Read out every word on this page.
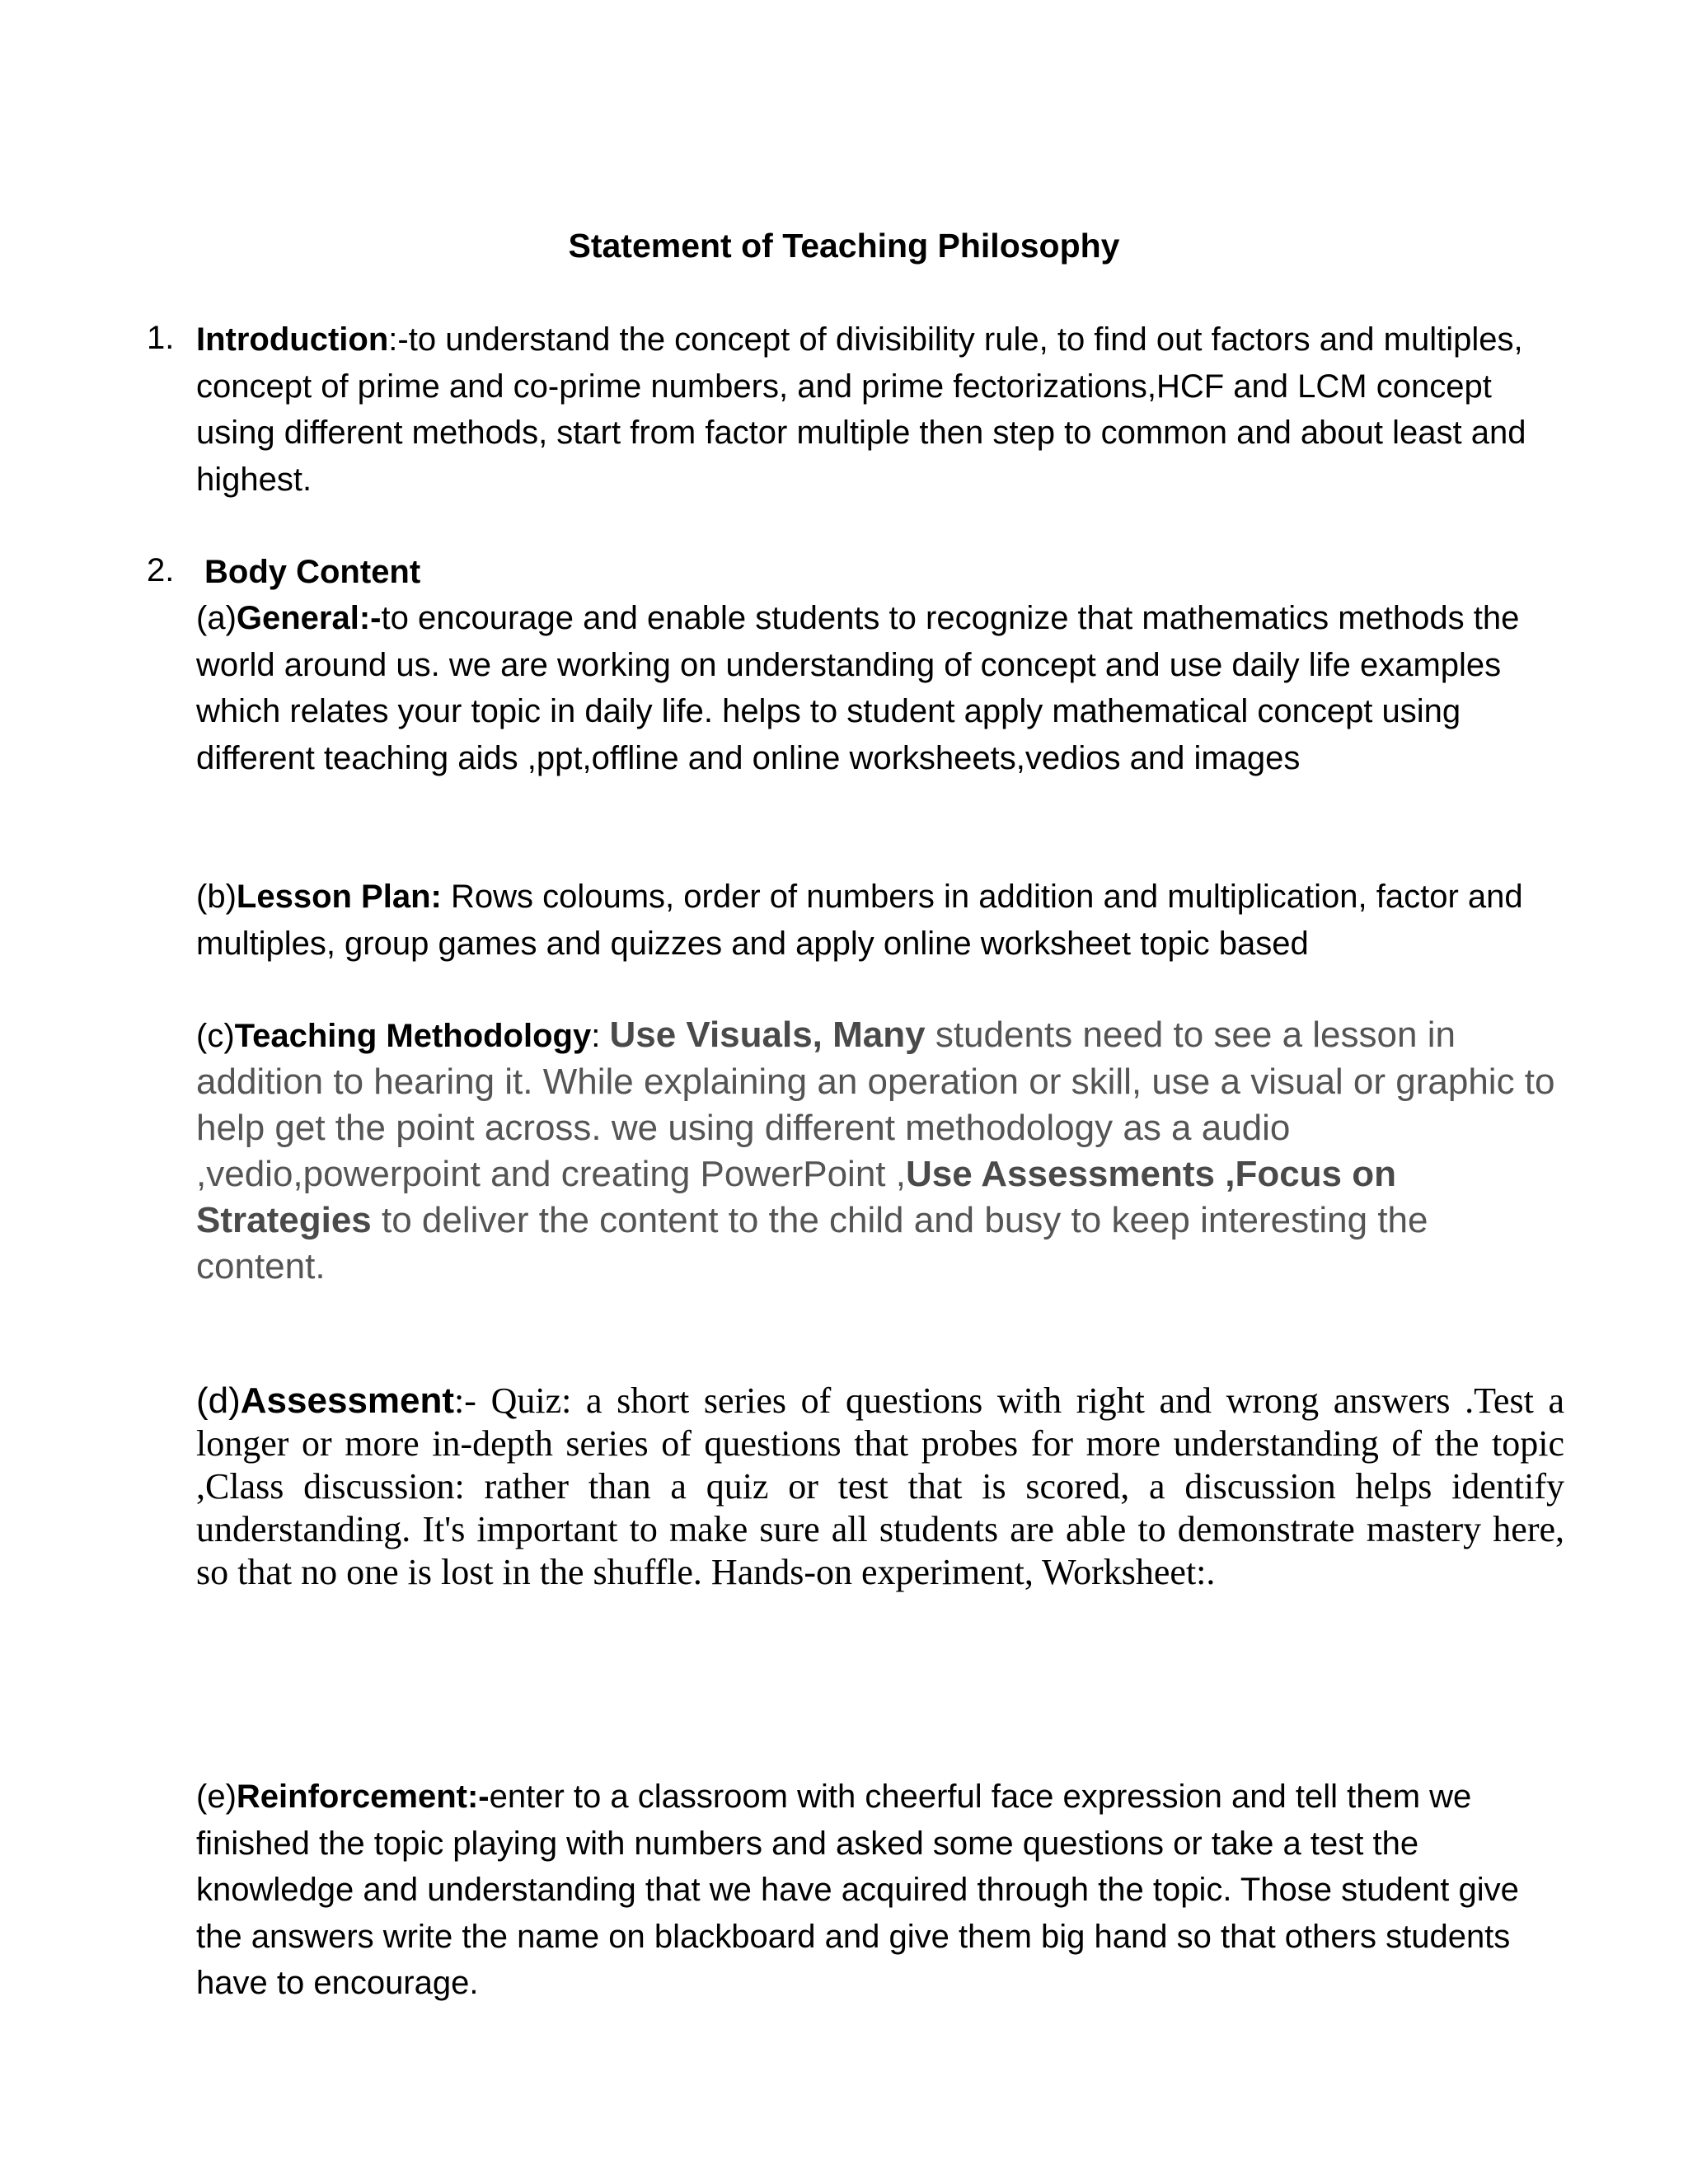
Statement of Teaching Philosophy
1. Introduction:-to understand the concept of divisibility rule, to find out factors and multiples, concept of prime and co-prime numbers, and prime fectorizations,HCF and LCM concept using different methods, start from factor multiple then step to common and about least and highest.
2. Body Content
(a)General:-to encourage and enable students to recognize that mathematics methods the world around us. we are working on understanding of concept and use daily life examples which relates your topic in daily life. helps to student apply mathematical concept using different teaching aids ,ppt,offline and online worksheets,vedios and images
(b)Lesson Plan: Rows coloums, order of numbers in addition and multiplication, factor and multiples, group games and quizzes and apply online worksheet topic based
(c)Teaching Methodology: Use Visuals, Many students need to see a lesson in addition to hearing it. While explaining an operation or skill, use a visual or graphic to help get the point across. we using different methodology as a audio ,vedio,powerpoint and creating PowerPoint ,Use Assessments ,Focus on Strategies to deliver the content to the child and busy to keep interesting the content.
(d)Assessment:- Quiz: a short series of questions with right and wrong answers .Test a longer or more in-depth series of questions that probes for more understanding of the topic ,Class discussion: rather than a quiz or test that is scored, a discussion helps identify understanding. It's important to make sure all students are able to demonstrate mastery here, so that no one is lost in the shuffle. Hands-on experiment, Worksheet:.
(e)Reinforcement:-enter to a classroom with cheerful face expression and tell them we finished the topic playing with numbers and asked some questions or take a test the knowledge and understanding that we have acquired through the topic. Those student give the answers write the name on blackboard and give them big hand so that others students have to encourage.
